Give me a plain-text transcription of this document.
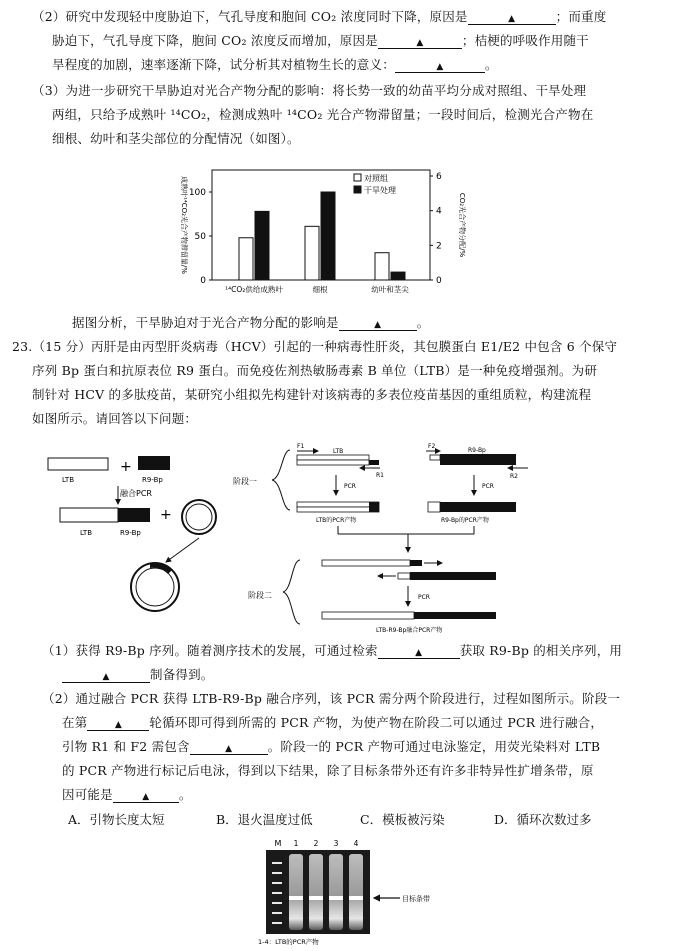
（2）研究中发现轻中度胁迫下，气孔导度和胞间 CO₂ 浓度同时下降，原因是	▲	；而重度
胁迫下，气孔导度下降，胞间 CO₂ 浓度反而增加，原因是	▲	；桔梗的呼吸作用随干
旱程度的加剧，速率逐渐下降，试分析其对植物生长的意义：	▲	。
（3）为进一步研究干旱胁迫对光合产物分配的影响：将长势一致的幼苗平均分成对照组、干旱处理
两组，只给予成熟叶 ¹⁴CO₂，检测成熟叶 ¹⁴CO₂ 光合产物滞留量；一段时间后，检测光合产物在
细根、幼叶和茎尖部位的分配情况（如图）。
0
50
100
0
2
4
6
成熟叶¹⁴CO₂光合产物滞留量/%	CO₂光合产物分配/%
¹⁴CO₂供给成熟叶	细根	幼叶和茎尖
对照组
干旱处理
据图分析，干旱胁迫对于光合产物分配的影响是	▲	。
23.（15 分）丙肝是由丙型肝炎病毒（HCV）引起的一种病毒性肝炎，其包膜蛋白 E1/E2 中包含 6 个保守
序列 Bp 蛋白和抗原表位 R9 蛋白。而免疫佐剂热敏肠毒素 B 单位（LTB）是一种免疫增强剂。为研
制针对 HCV 的多肽疫苗，某研究小组拟先构建针对该病毒的多表位疫苗基因的重组质粒，构建流程
如图所示。请回答以下问题：
LTB
+
R9-Bp
融合PCR
LTB	R9-Bp
+
阶段一
F1
LTB
R1
PCR
LTB的PCR产物
F2
R9-Bp
R2
PCR
R9-Bp的PCR产物
阶段二	PCR
LTB-R9-Bp融合PCR产物
（1）获得 R9-Bp 序列。随着测序技术的发展，可通过检索	▲	获取 R9-Bp 的相关序列，用
▲	制备得到。
（2）通过融合 PCR 获得 LTB-R9-Bp 融合序列，该 PCR 需分两个阶段进行，过程如图所示。阶段一
在第	▲ 轮循环即可得到所需的 PCR 产物，为使产物在阶段二可以通过 PCR 进行融合，
引物 R1 和 F2 需包含	▲	。阶段一的 PCR 产物可通过电泳鉴定，用荧光染料对 LTB
的 PCR 产物进行标记后电泳，得到以下结果，除了目标条带外还有许多非特异性扩增条带，原
因可能是	▲ 。
A．引物长度太短	B．退火温度过低	C．模板被污染	D．循环次数过多
M 1 2 3 4
目标条带
1-4：LTB的PCR产物
